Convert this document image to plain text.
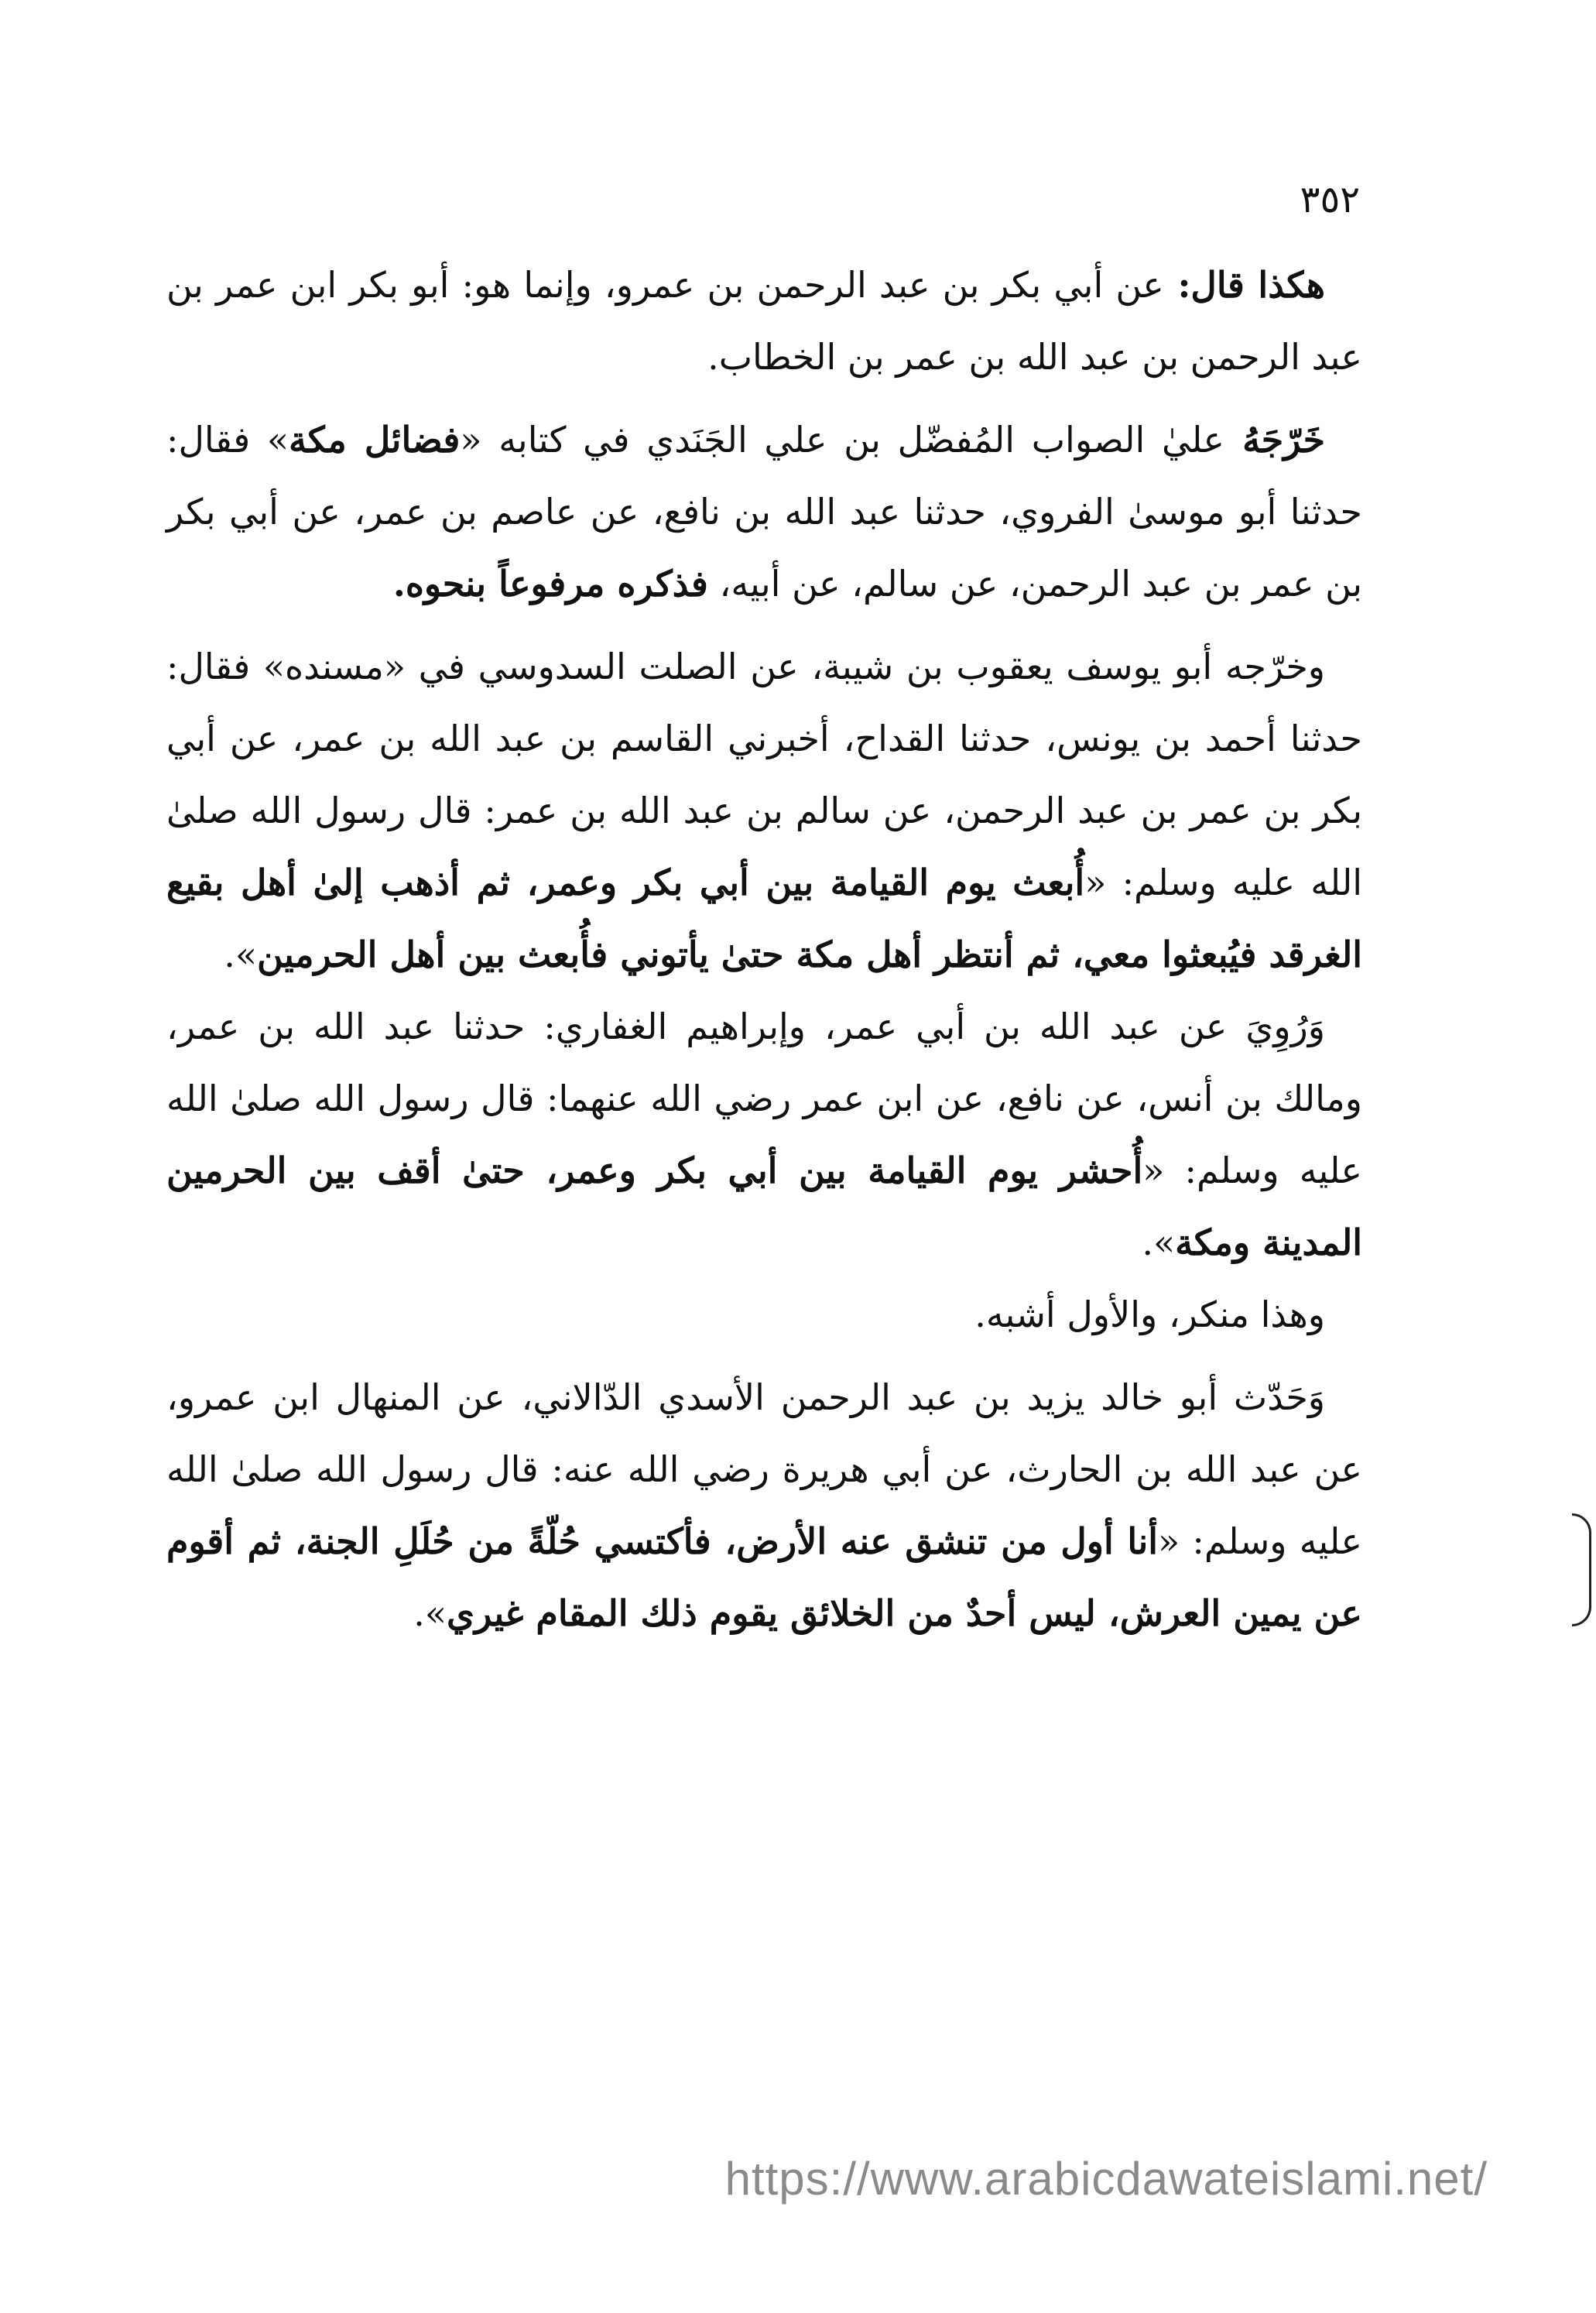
٣٥٢

هكذا قال: عن أبي بكر بن عبد الرحمن بن عمرو، وإنما هو: أبو بكر ابن عمر بن عبد الرحمن بن عبد الله بن عمر بن الخطاب.

خَرّجَهُ عليٰ الصواب المُفضّل بن علي الجَنَدي في كتابه «فضائل مكة» فقال: حدثنا أبو موسىٰ الفروي، حدثنا عبد الله بن نافع، عن عاصم بن عمر، عن أبي بكر بن عمر بن عبد الرحمن، عن سالم، عن أبيه، فذكره مرفوعاً بنحوه.

وخرّجه أبو يوسف يعقوب بن شيبة، عن الصلت السدوسي في «مسنده» فقال: حدثنا أحمد بن يونس، حدثنا القداح، أخبرني القاسم بن عبد الله بن عمر، عن أبي بكر بن عمر بن عبد الرحمن، عن سالم بن عبد الله بن عمر: قال رسول الله صلىٰ الله عليه وسلم: «أُبعث يوم القيامة بين أبي بكر وعمر، ثم أذهب إلىٰ أهل بقيع الغرقد فيُبعثوا معي، ثم أنتظر أهل مكة حتىٰ يأتوني فأُبعث بين أهل الحرمين».

وَرُوِيَ عن عبد الله بن أبي عمر، وإبراهيم الغفاري: حدثنا عبد الله بن عمر، ومالك بن أنس، عن نافع، عن ابن عمر رضي الله عنهما: قال رسول الله صلىٰ الله عليه وسلم: «أُحشر يوم القيامة بين أبي بكر وعمر، حتىٰ أقف بين الحرمين المدينة ومكة».

وهذا منكر، والأول أشبه.

وَحَدّث أبو خالد يزيد بن عبد الرحمن الأسدي الدّالاني، عن المنهال ابن عمرو، عن عبد الله بن الحارث، عن أبي هريرة رضي الله عنه: قال رسول الله صلىٰ الله عليه وسلم: «أنا أول من تنشق عنه الأرض، فأكتسي حُلّةً من حُلَلِ الجنة، ثم أقوم عن يمين العرش، ليس أحدٌ من الخلائق يقوم ذلك المقام غيري».

https://www.arabicdawateislami.net/
